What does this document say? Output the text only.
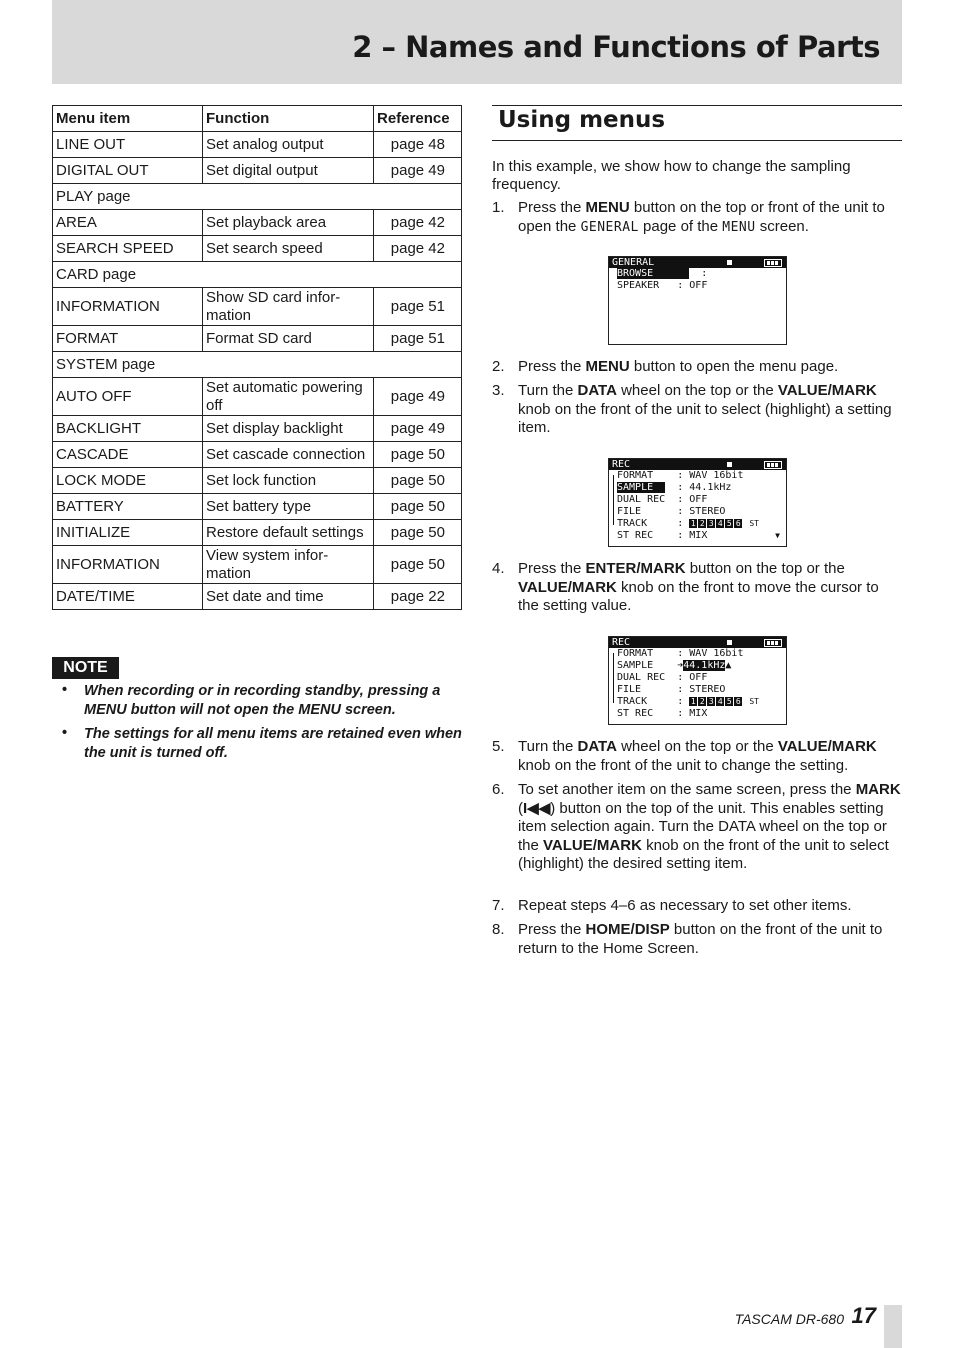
2 – Names and Functions of Parts
Menu item	Function	Reference
LINE OUT	Set analog output	page 48
DIGITAL OUT	Set digital output	page 49
PLAY page		
AREA	Set playback area	page 42
SEARCH SPEED	Set search speed	page 42
CARD page		
INFORMATION	Show SD card infor-mation	page 51
FORMAT	Format SD card	page 51
SYSTEM page		
AUTO OFF	Set automatic powering off	page 49
BACKLIGHT	Set display backlight	page 49
CASCADE	Set cascade connection	page 50
LOCK MODE	Set lock function	page 50
BATTERY	Set battery type	page 50
INITIALIZE	Restore default settings	page 50
INFORMATION	View system infor-mation	page 50
DATE/TIME	Set date and time	page 22
NOTE
• When recording or in recording standby, pressing a MENU button will not open the MENU screen.
• The settings for all menu items are retained even when the unit is turned off.
Using menus

In this example, we show how to change the sampling frequency.

1. Press the MENU button on the top or front of the unit to open the GENERAL page of the MENU screen.
GENERAL
BROWSE	:
SPEAKER : OFF
2. Press the MENU button to open the menu page.
3. Turn the DATA wheel on the top or the VALUE/MARK knob on the front of the unit to select (highlight) a setting item.
REC
FORMAT : WAV 16bit
SAMPLE : 44.1kHz
DUAL REC : OFF
FILE	: STEREO
TRACK	: 1 2 3 4 5 6 ST
ST REC : MIX	▼
4. Press the ENTER/MARK button on the top or the VALUE/MARK knob on the front to move the cursor to the setting value.
REC
FORMAT : WAV 16bit
SAMPLE ➔44.1kHz▲
DUAL REC : OFF
FILE	: STEREO
TRACK	: 1 2 3 4 5 6 ST
ST REC : MIX
5. Turn the DATA wheel on the top or the VALUE/MARK knob on the front of the unit to change the setting.
6. To set another item on the same screen, press the MARK (I◀◀) button on the top of the unit. This enables setting item selection again. Turn the DATA wheel on the top or the VALUE/MARK knob on the front of the unit to select (highlight) the desired setting item.
7. Repeat steps 4–6 as necessary to set other items.
8. Press the HOME/DISP button on the front of the unit to return to the Home Screen.
TASCAM DR-680 17
